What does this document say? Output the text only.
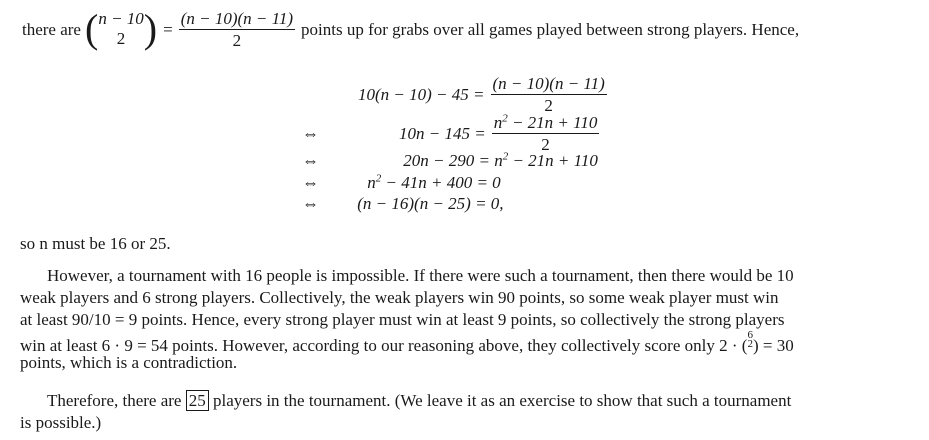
there are ( n − 10
2 ) = $\frac{(n - 10)(n - 11)}{2}$ points up for grabs over all games played between strong players. Hence,
$10(n - 10) - 45 = \frac{(n - 10)(n - 11)}{2}$
⇔	$10n - 145 = \frac{n^2 - 21n + 110}{2}$
⇔	$20n - 290 = n^2 - 21n + 110$
⇔	$n^2 - 41n + 400 = 0$
⇔ (n − 16)(n − 25) = 0,
so n must be 16 or 25.
However, a tournament with 16 people is impossible. If there were such a tournament, then there would be 10
weak players and 6 strong players. Collectively, the weak players win 90 points, so some weak player must win
at least 90/10 = 9 points. Hence, every strong player must win at least 9 points, so collectively the strong players
win at least 6 · 9 = 54 points. However, according to our reasoning above, they collectively score only 2 · (
6
2 ) = 30
points, which is a contradiction.
Therefore, there are 25 players in the tournament. (We leave it as an exercise to show that such a tournament
is possible.)
